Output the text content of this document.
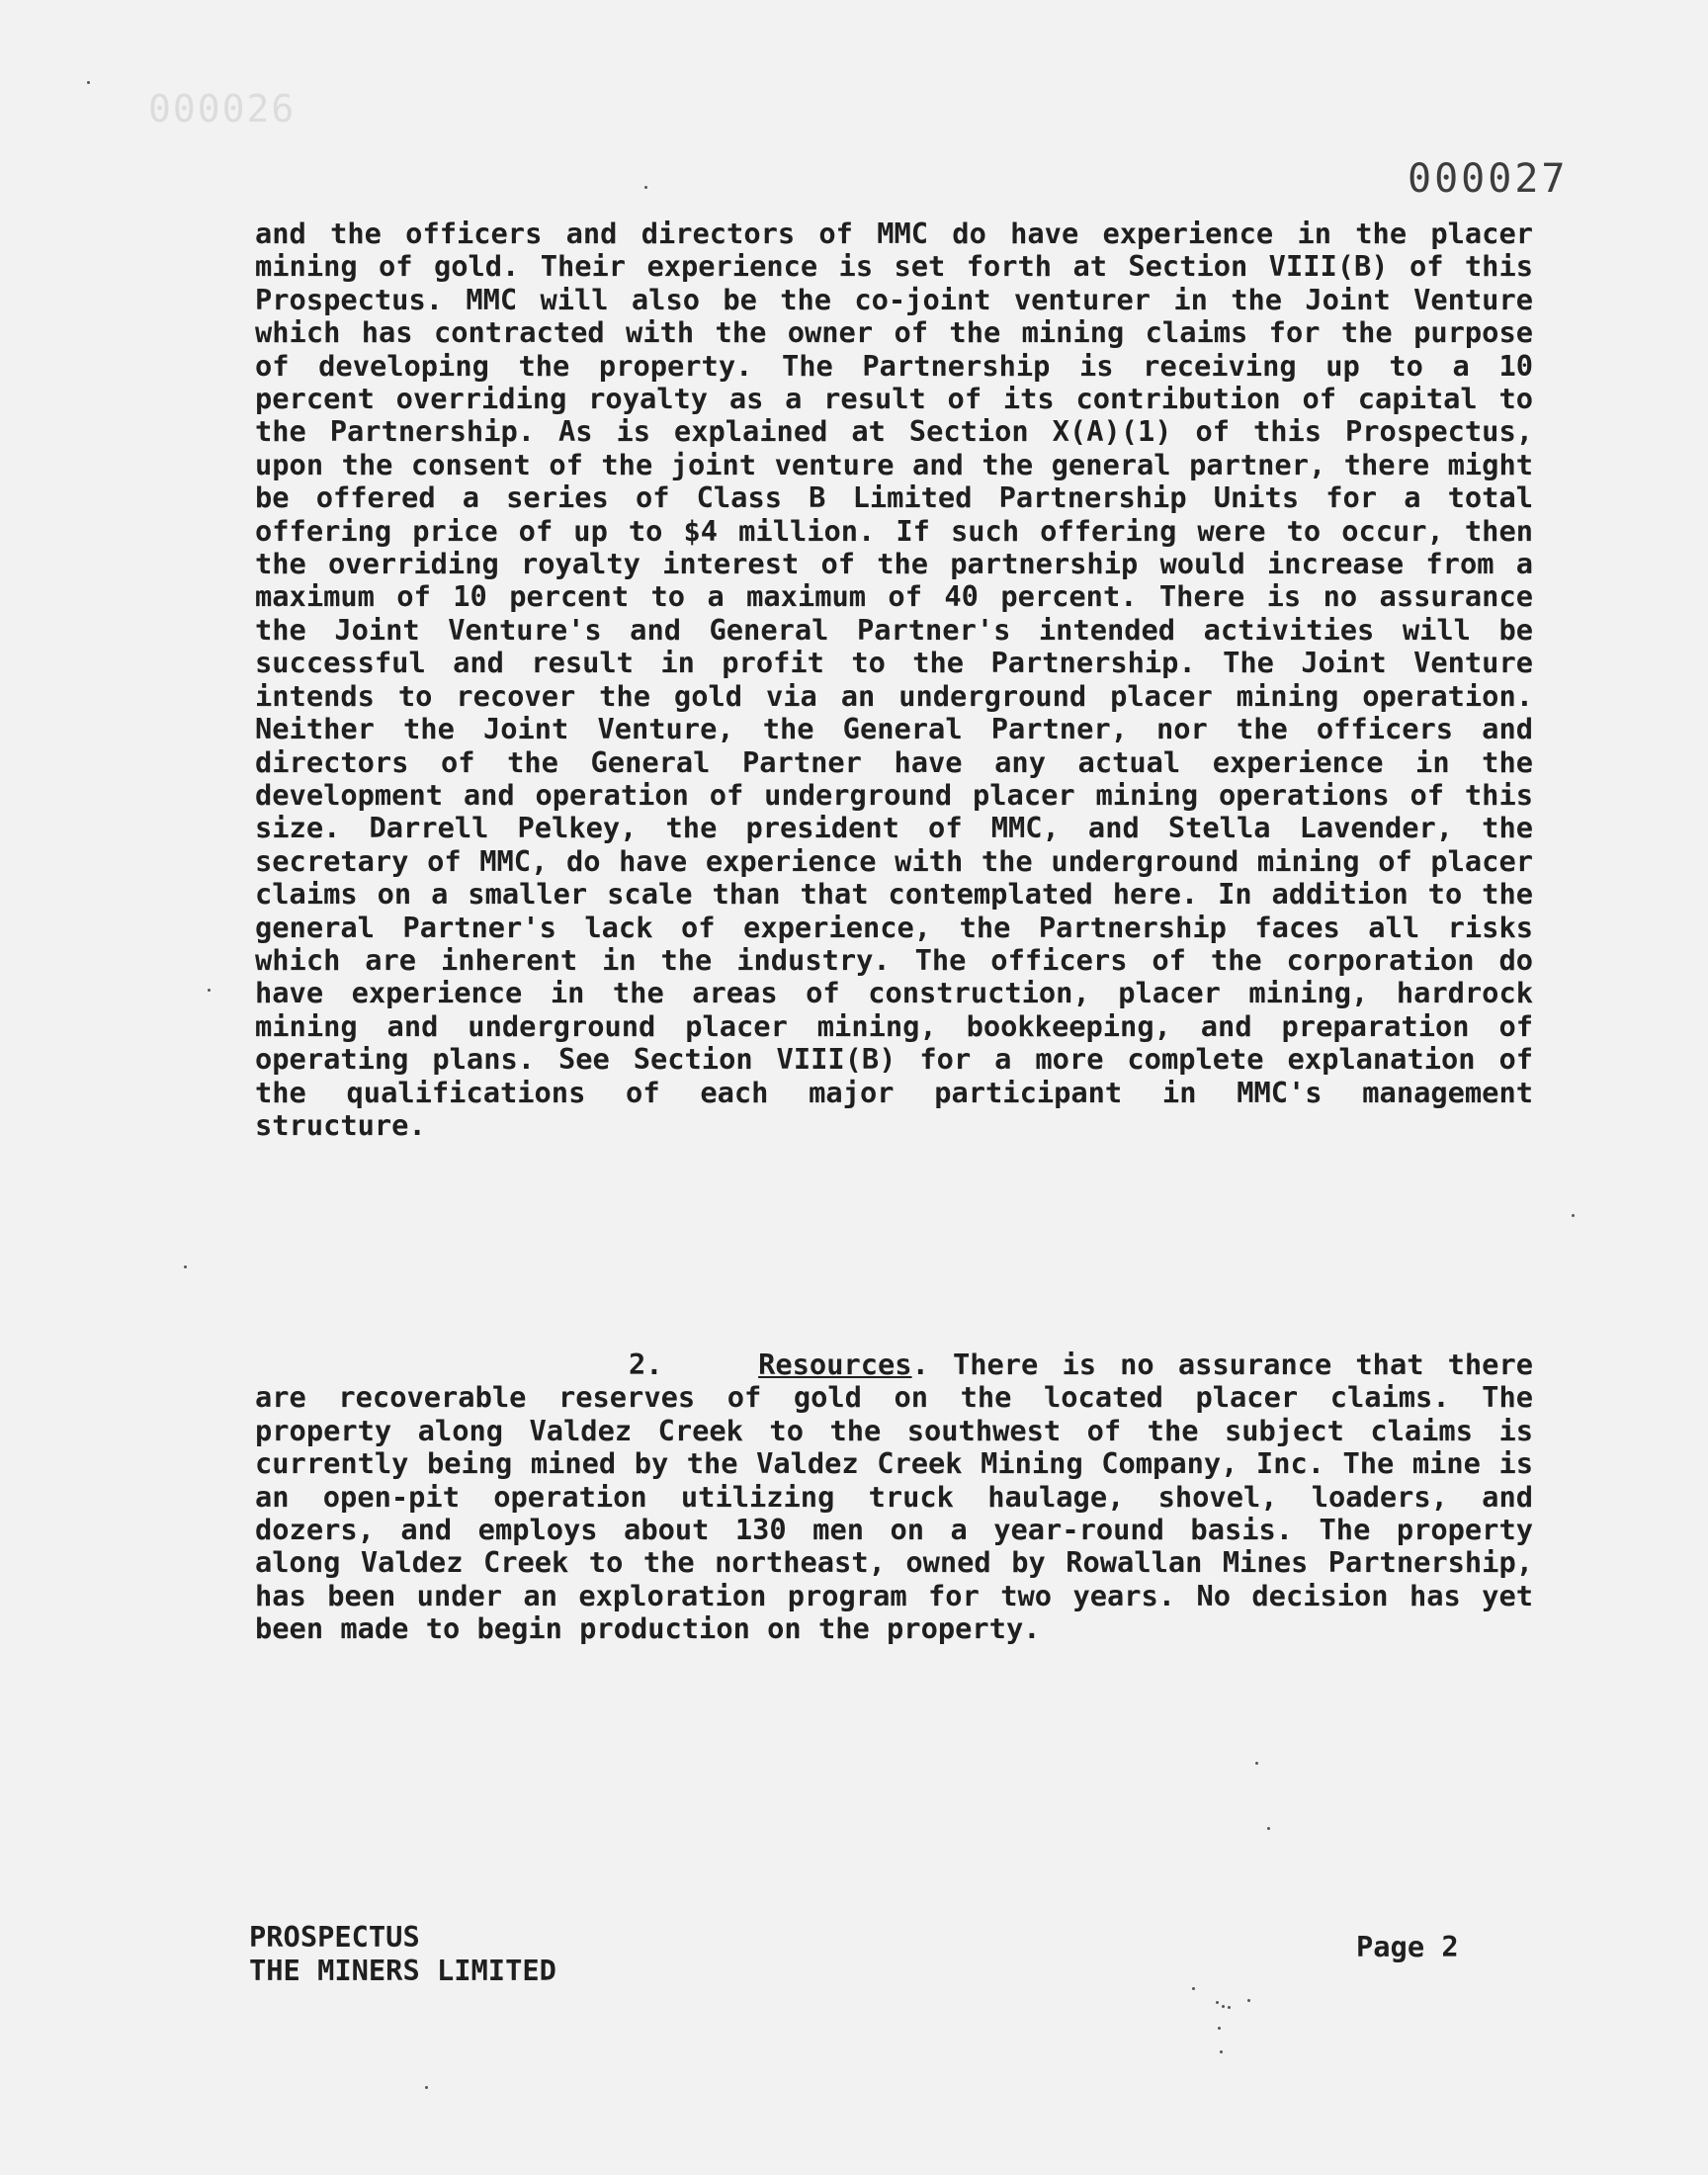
000026
000027

and the officers and directors of MMC do have experience in the placer mining of gold. Their experience is set forth at Section VIII(B) of this Prospectus. MMC will also be the co-joint venturer in the Joint Venture which has contracted with the owner of the mining claims for the purpose of developing the property. The Partnership is receiving up to a 10 percent overriding royalty as a result of its contribution of capital to the Partnership. As is explained at Section X(A)(1) of this Prospectus, upon the consent of the joint venture and the general partner, there might be offered a series of Class B Limited Partnership Units for a total offering price of up to $4 million. If such offering were to occur, then the overriding royalty interest of the partnership would increase from a maximum of 10 percent to a maximum of 40 percent. There is no assurance the Joint Venture's and General Partner's intended activities will be successful and result in profit to the Partnership. The Joint Venture intends to recover the gold via an underground placer mining operation. Neither the Joint Venture, the General Partner, nor the officers and directors of the General Partner have any actual experience in the development and operation of underground placer mining operations of this size. Darrell Pelkey, the president of MMC, and Stella Lavender, the secretary of MMC, do have experience with the underground mining of placer claims on a smaller scale than that contemplated here. In addition to the general Partner's lack of experience, the Partnership faces all risks which are inherent in the industry. The officers of the corporation do have experience in the areas of construction, placer mining, hardrock mining and underground placer mining, bookkeeping, and preparation of operating plans. See Section VIII(B) for a more complete explanation of the qualifications of each major participant in MMC's management structure.

2.	Resources. There is no assurance that there are recoverable reserves of gold on the located placer claims. The property along Valdez Creek to the southwest of the subject claims is currently being mined by the Valdez Creek Mining Company, Inc. The mine is an open-pit operation utilizing truck haulage, shovel, loaders, and dozers, and employs about 130 men on a year-round basis. The property along Valdez Creek to the northeast, owned by Rowallan Mines Partnership, has been under an exploration program for two years. No decision has yet been made to begin production on the property.

PROSPECTUS
THE MINERS LIMITED
Page 2
